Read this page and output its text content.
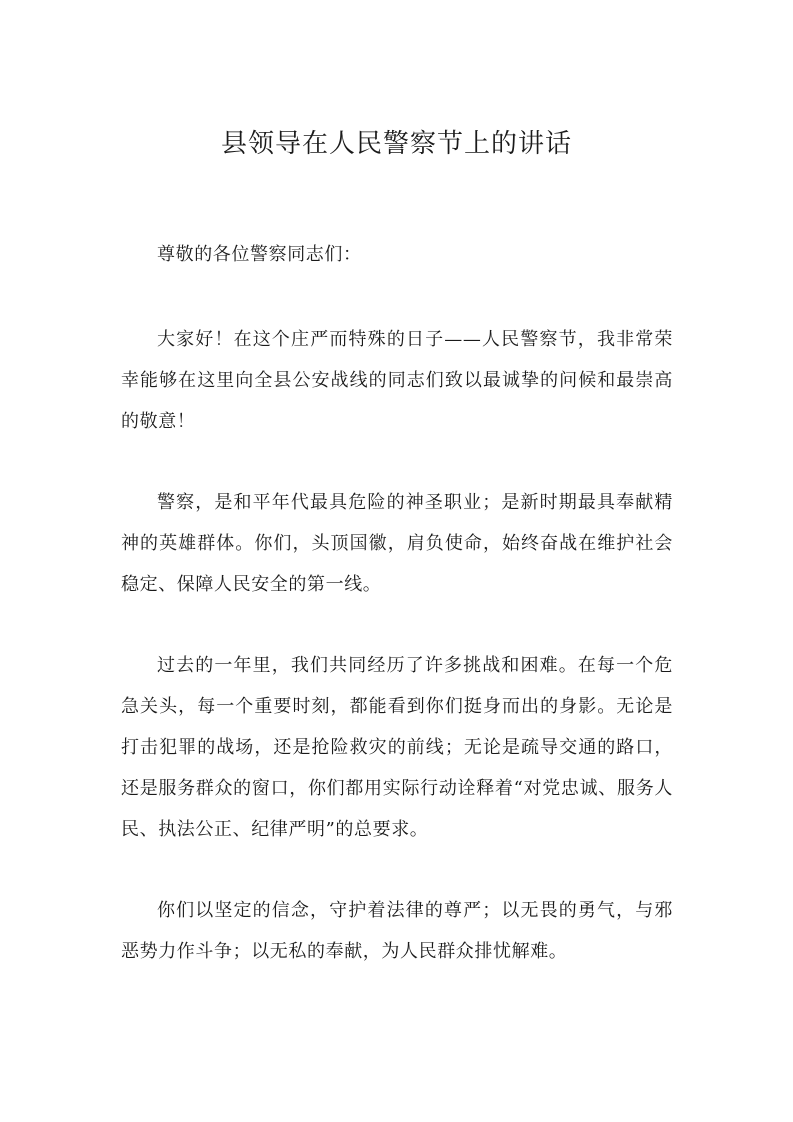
县领导在人民警察节上的讲话

尊敬的各位警察同志们：

大家好！在这个庄严而特殊的日子——人民警察节，我非常荣幸能够在这里向全县公安战线的同志们致以最诚挚的问候和最崇高的敬意！

警察，是和平年代最具危险的神圣职业；是新时期最具奉献精神的英雄群体。你们，头顶国徽，肩负使命，始终奋战在维护社会稳定、保障人民安全的第一线。

过去的一年里，我们共同经历了许多挑战和困难。在每一个危急关头，每一个重要时刻，都能看到你们挺身而出的身影。无论是打击犯罪的战场，还是抢险救灾的前线；无论是疏导交通的路口，还是服务群众的窗口，你们都用实际行动诠释着“对党忠诚、服务人民、执法公正、纪律严明”的总要求。

你们以坚定的信念，守护着法律的尊严；以无畏的勇气，与邪恶势力作斗争；以无私的奉献，为人民群众排忧解难。
